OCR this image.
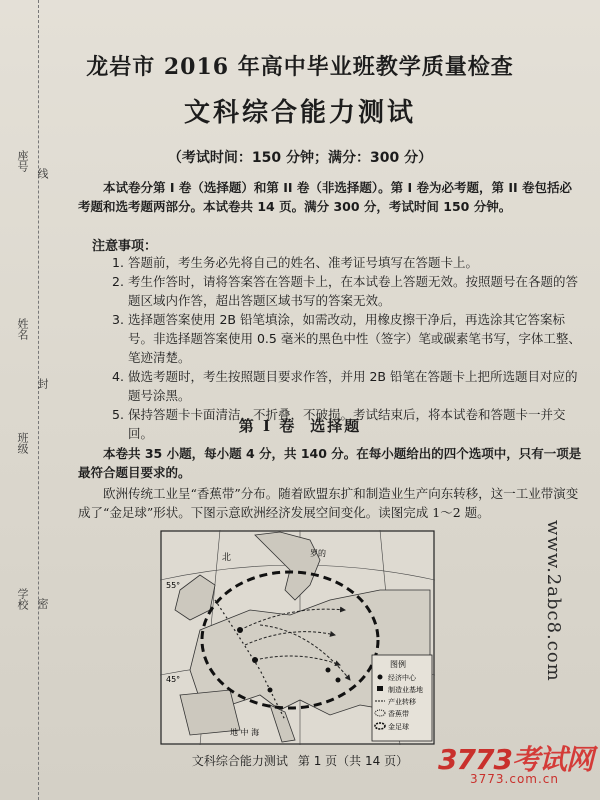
座号
线
姓名
封
班级
学校 密
龙岩市 2016 年高中毕业班教学质量检查
文科综合能力测试
（考试时间：150 分钟；满分：300 分）
本试卷分第 I 卷（选择题）和第 II 卷（非选择题）。第 I 卷为必考题，第 II 卷包括必考题和选考题两部分。本试卷共 14 页。满分 300 分，考试时间 150 分钟。
注意事项：
1. 答题前，考生务必先将自己的姓名、准考证号填写在答题卡上。
2. 考生作答时，请将答案答在答题卡上，在本试卷上答题无效。按照题号在各题的答题区域内作答，超出答题区域书写的答案无效。
3. 选择题答案使用 2B 铅笔填涂，如需改动，用橡皮擦干净后，再选涂其它答案标号。非选择题答案使用 0.5 毫米的黑色中性（签字）笔或碳素笔书写，字体工整、笔迹清楚。
4. 做选考题时，考生按照题目要求作答，并用 2B 铅笔在答题卡上把所选题目对应的题号涂黑。
5. 保持答题卡卡面清洁，不折叠，不破损。考试结束后，将本试卷和答题卡一并交回。	第 I 卷 选择题
本卷共 35 小题，每小题 4 分，共 140 分。在每小题给出的四个选项中，只有一项是最符合题目要求的。
欧洲传统工业呈“香蕉带”分布。随着欧盟东扩和制造业生产向东转移，这一工业带演变成了“金足球”形状。下图示意欧洲经济发展空间变化。读图完成 1～2 题。
北	罗的
55°
45°
地 中 海
图例
经济中心
制造业基地
产业转移
香蕉带
金足球
文科综合能力测试 第 1 页（共 14 页）
www.2abc8.com
3773考试网
3773.com.cn
